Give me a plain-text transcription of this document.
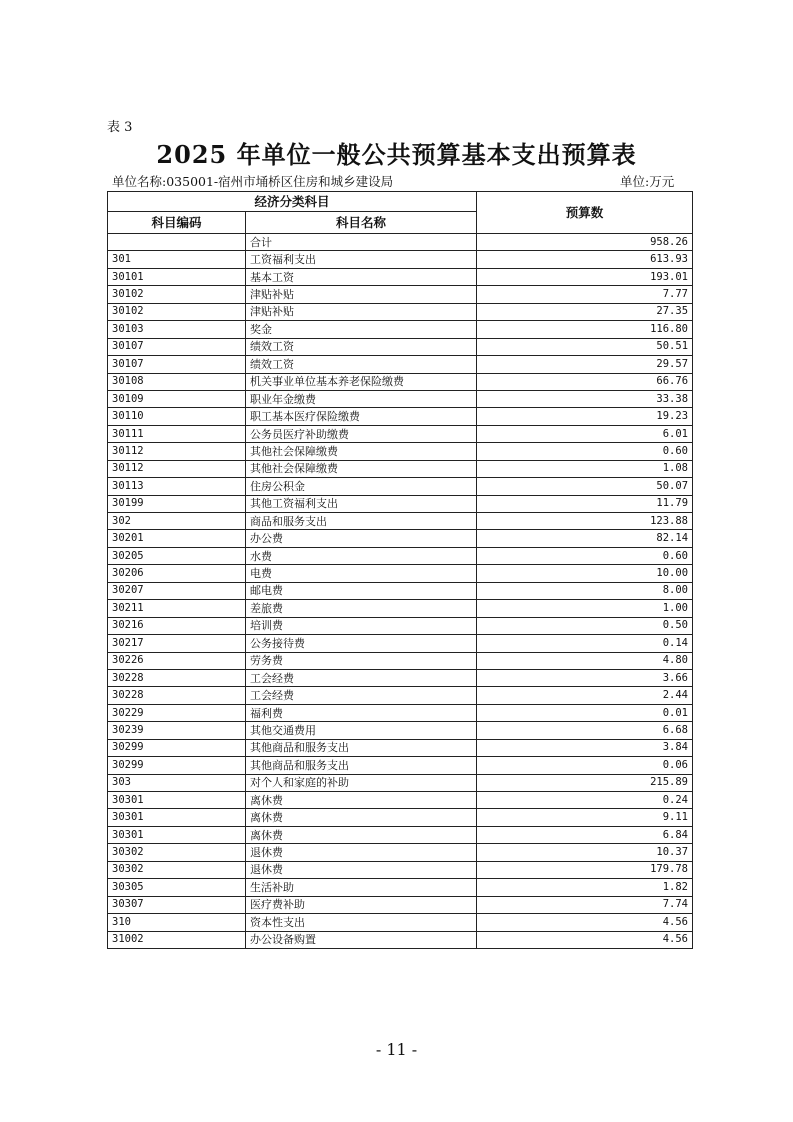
表 3
2025 年单位一般公共预算基本支出预算表
单位名称:035001-宿州市埇桥区住房和城乡建设局	单位:万元
经济分类科目		预算数
科目编码	科目名称	
	合计	958.26
301	工资福利支出	613.93
30101	基本工资	193.01
30102	津贴补贴	7.77
30102	津贴补贴	27.35
30103	奖金	116.80
30107	绩效工资	50.51
30107	绩效工资	29.57
30108	机关事业单位基本养老保险缴费	66.76
30109	职业年金缴费	33.38
30110	职工基本医疗保险缴费	19.23
30111	公务员医疗补助缴费	6.01
30112	其他社会保障缴费	0.60
30112	其他社会保障缴费	1.08
30113	住房公积金	50.07
30199	其他工资福利支出	11.79
302	商品和服务支出	123.88
30201	办公费	82.14
30205	水费	0.60
30206	电费	10.00
30207	邮电费	8.00
30211	差旅费	1.00
30216	培训费	0.50
30217	公务接待费	0.14
30226	劳务费	4.80
30228	工会经费	3.66
30228	工会经费	2.44
30229	福利费	0.01
30239	其他交通费用	6.68
30299	其他商品和服务支出	3.84
30299	其他商品和服务支出	0.06
303	对个人和家庭的补助	215.89
30301	离休费	0.24
30301	离休费	9.11
30301	离休费	6.84
30302	退休费	10.37
30302	退休费	179.78
30305	生活补助	1.82
30307	医疗费补助	7.74
310	资本性支出	4.56
31002	办公设备购置	4.56
- 11 -
